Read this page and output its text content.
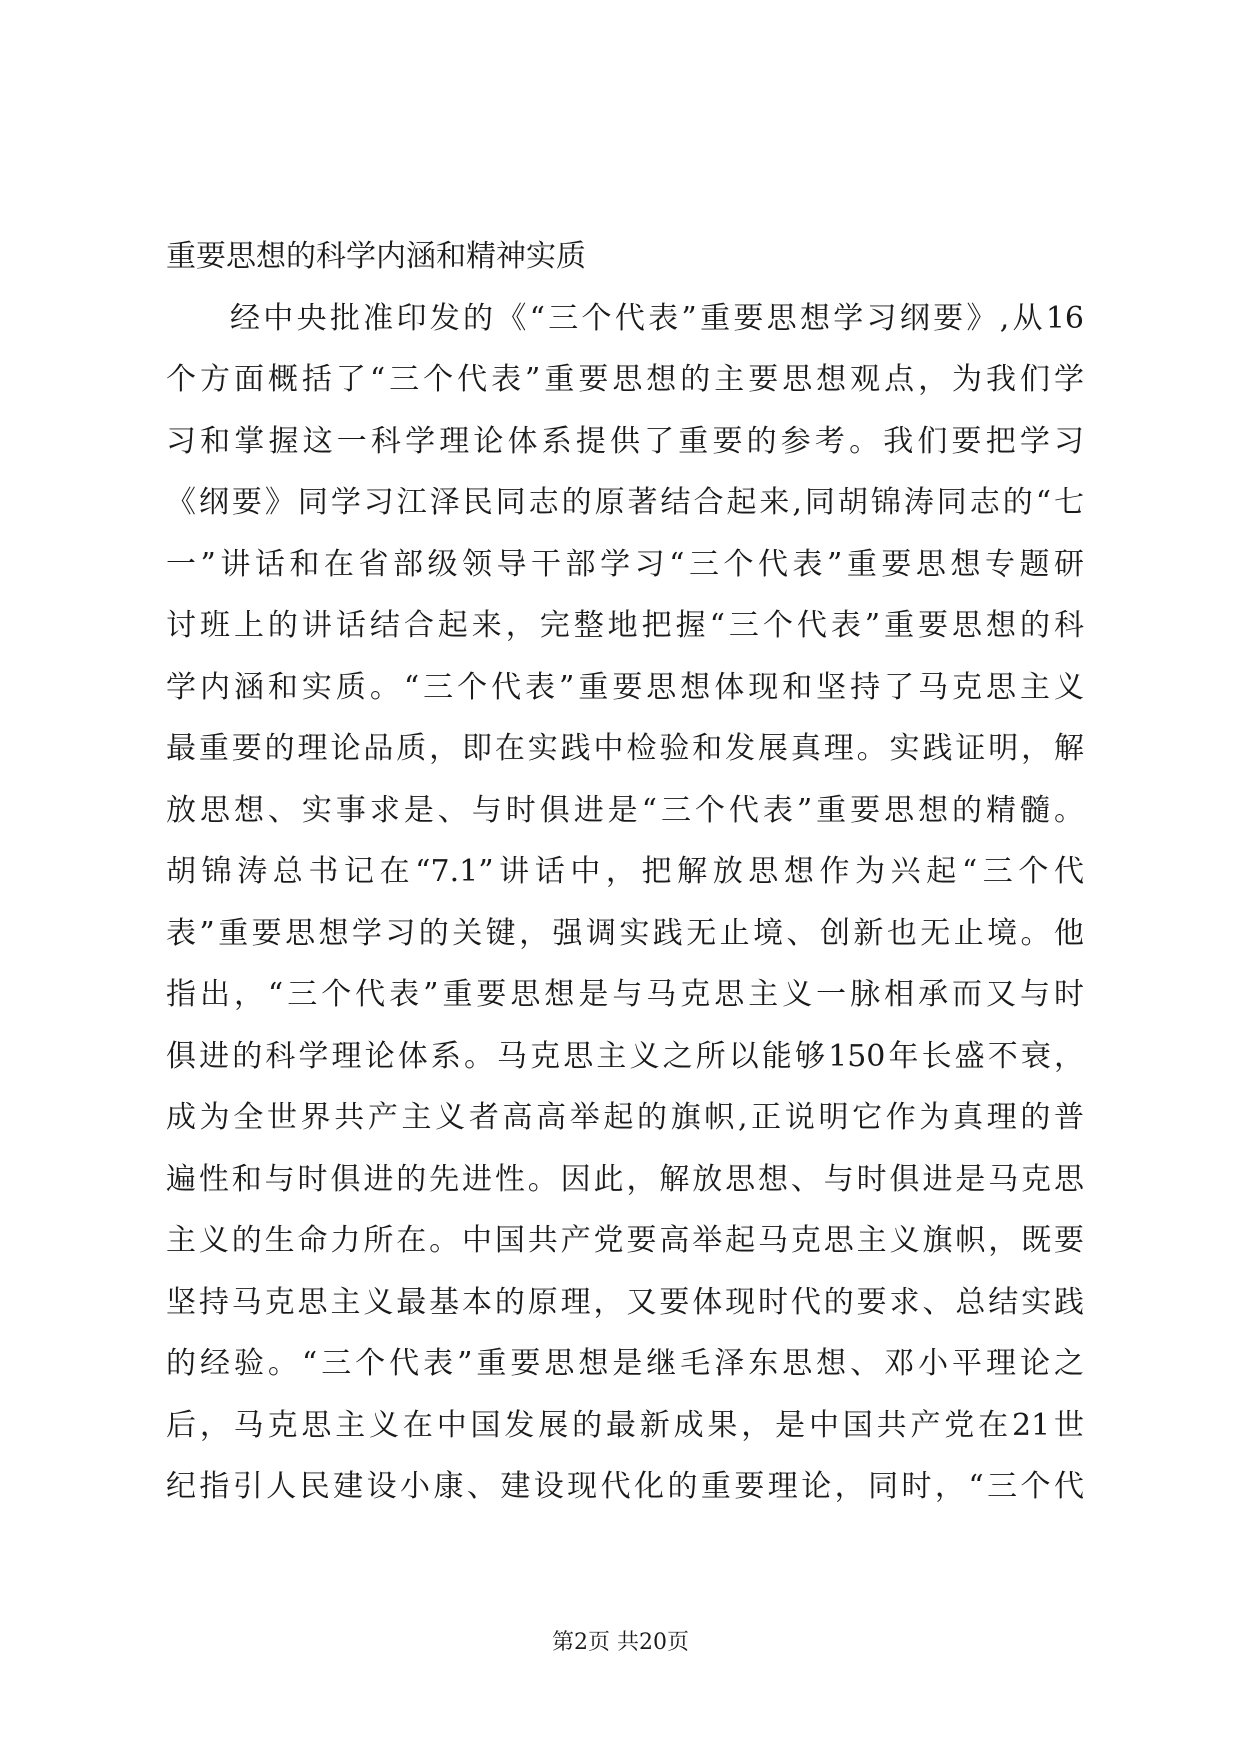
重要思想的科学内涵和精神实质
经中央批准印发的《“三个代表”重要思想学习纲要》,从16
个方面概括了“三个代表”重要思想的主要思想观点，为我们学
习和掌握这一科学理论体系提供了重要的参考。我们要把学习
《纲要》同学习江泽民同志的原著结合起来,同胡锦涛同志的“七
一”讲话和在省部级领导干部学习“三个代表”重要思想专题研
讨班上的讲话结合起来，完整地把握“三个代表”重要思想的科
学内涵和实质。“三个代表”重要思想体现和坚持了马克思主义
最重要的理论品质，即在实践中检验和发展真理。实践证明，解
放思想、实事求是、与时俱进是“三个代表”重要思想的精髓。
胡锦涛总书记在“7.1”讲话中，把解放思想作为兴起“三个代
表”重要思想学习的关键，强调实践无止境、创新也无止境。他
指出，“三个代表”重要思想是与马克思主义一脉相承而又与时
俱进的科学理论体系。马克思主义之所以能够150年长盛不衰，
成为全世界共产主义者高高举起的旗帜,正说明它作为真理的普
遍性和与时俱进的先进性。因此，解放思想、与时俱进是马克思
主义的生命力所在。中国共产党要高举起马克思主义旗帜，既要
坚持马克思主义最基本的原理，又要体现时代的要求、总结实践
的经验。“三个代表”重要思想是继毛泽东思想、邓小平理论之
后，马克思主义在中国发展的最新成果，是中国共产党在21世
纪指引人民建设小康、建设现代化的重要理论，同时，“三个代
第2页 共20页
